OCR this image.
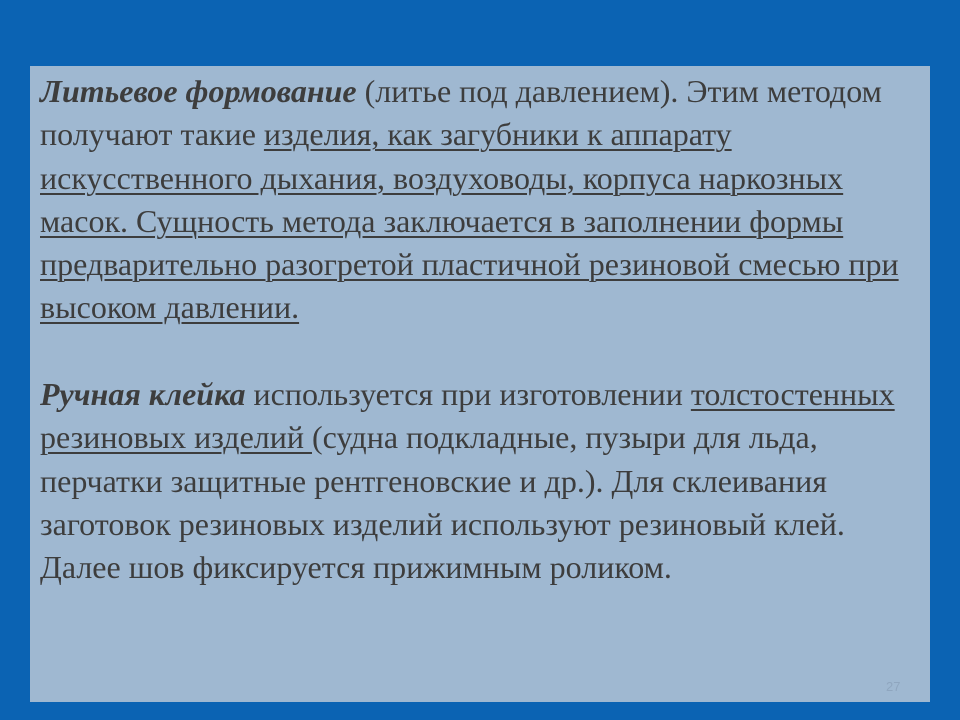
Литьевое формование (литье под давлением). Этим методом получают такие изделия, как загубники к аппарату искусственного дыхания, воздуховоды, корпуса наркозных масок. Сущность метода заключается в заполнении формы предварительно разогретой пластичной резиновой смесью при высоком давлении.

Ручная клейка используется при изготовлении толстостенных резиновых изделий (судна подкладные, пузыри для льда, перчатки защитные рентгеновские и др.). Для склеивания заготовок резиновых изделий используют резиновый клей. Далее шов фиксируется прижимным роликом.

27
